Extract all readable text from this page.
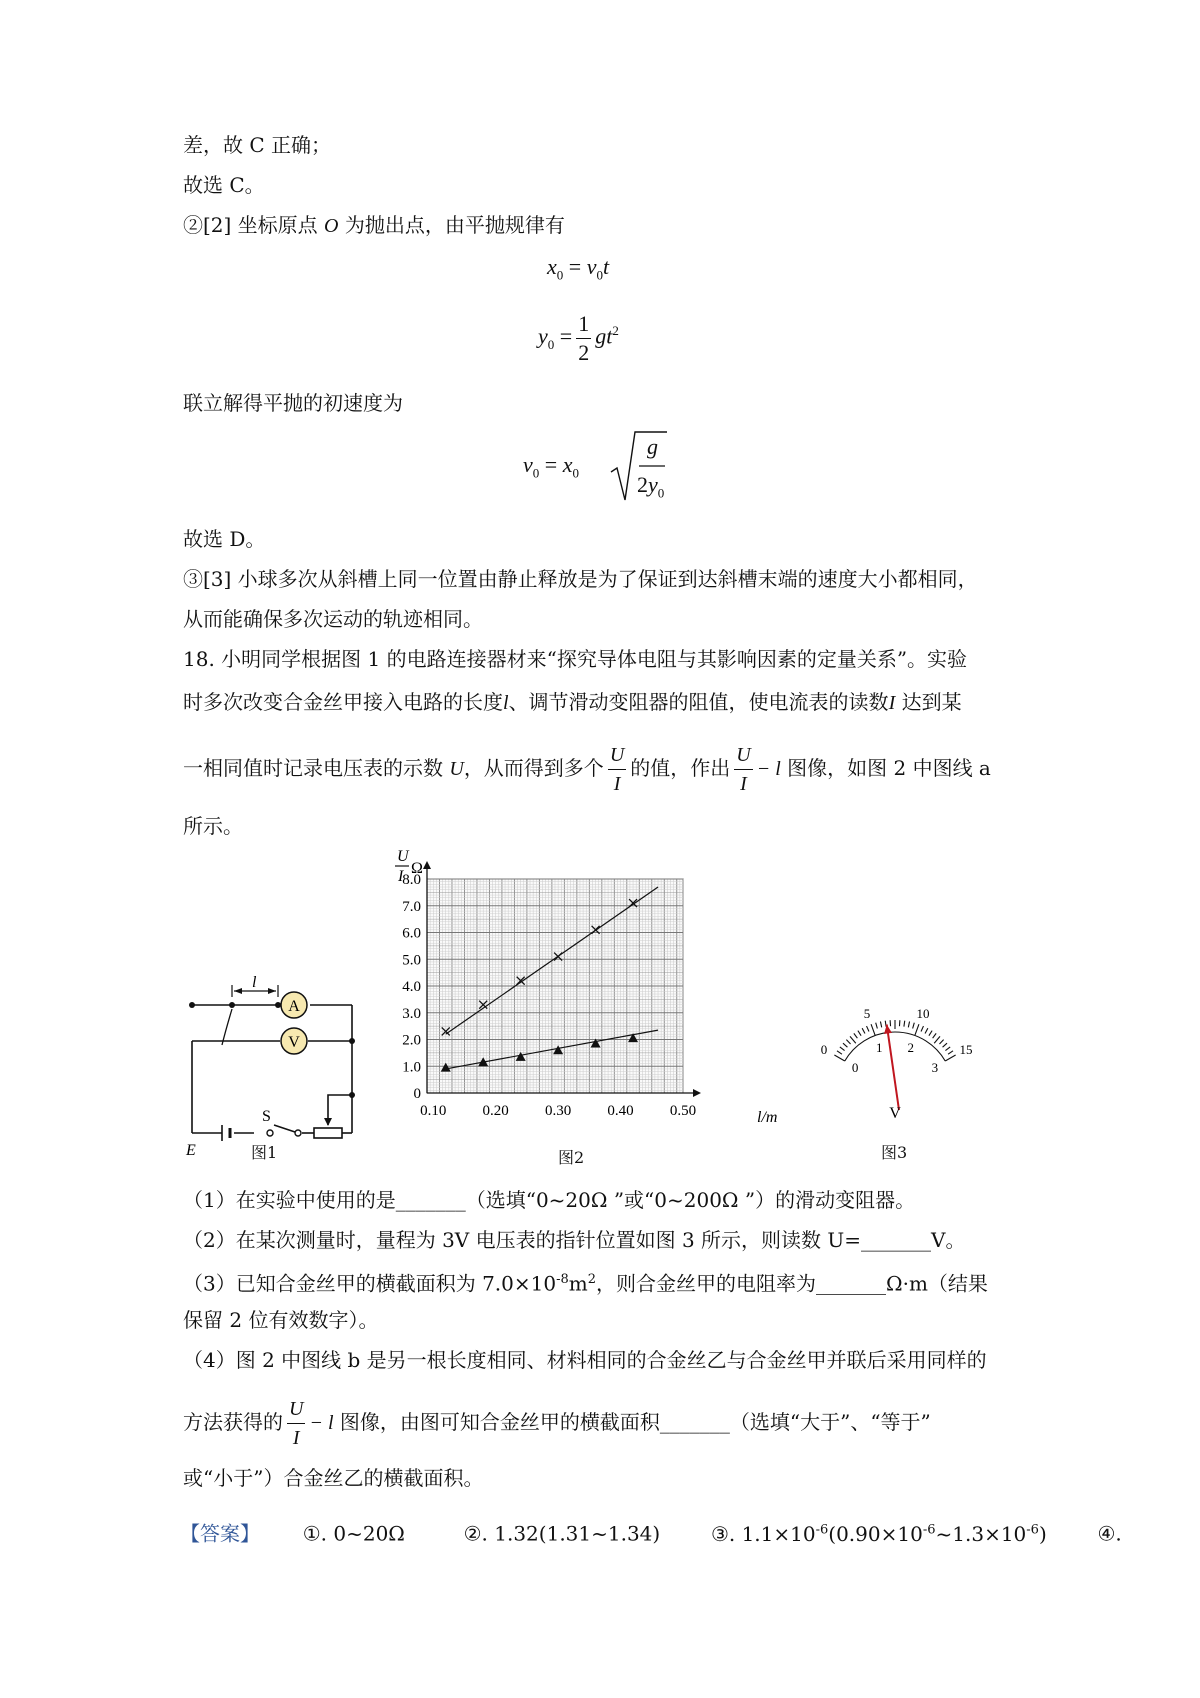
差，故 C 正确；
故选 C。
②[2] 坐标原点 O 为抛出点，由平抛规律有
$x_0 = v_0t$
$y_0 = \frac{1}{2} gt^2$
联立解得平抛的初速度为
$v_0 = x_0$
g
$2y_0$
故选 D。
③[3] 小球多次从斜槽上同一位置由静止释放是为了保证到达斜槽末端的速度大小都相同，
从而能确保多次运动的轨迹相同。
18. 小明同学根据图 1 的电路连接器材来“探究导体电阻与其影响因素的定量关系”。实验
时多次改变合金丝甲接入电路的长度l、调节滑动变阻器的阻值，使电流表的读数I 达到某
一相同值时记录电压表的示数 U，从而得到多个 $\frac{U}{I}$ 的值，作出 $\frac{U}{I} - l$ 图像，如图 2 中图线 a
所示。
A
V
l
E
S
图1
0
1.0
2.0
3.0
4.0
5.0
6.0
7.0
8.0
0.10 0.20 0.30 0.40 0.50
U
I Ω
l/m
图2
0
5	10
15
0
1 2
3
V
图3
（1）在实验中使用的是_______（选填“0~20Ω ”或“0~200Ω ”）的滑动变阻器。
（2）在某次测量时，量程为 3V 电压表的指针位置如图 3 所示，则读数 U=_______V。
（3）已知合金丝甲的横截面积为 $7.0\times 10^{-8}m^2$，则合金丝甲的电阻率为_______Ω·m（结果
保留 2 位有效数字）。
（4）图 2 中图线 b 是另一根长度相同、材料相同的合金丝乙与合金丝甲并联后采用同样的
方法获得的 $\frac{U}{I} - l$ 图像，由图可知合金丝甲的横截面积_______（选填“大于”、“等于”
或“小于”）合金丝乙的横截面积。
【答案】 ①. 0~20Ω	②. 1.32(1.31~1.34)	③. $1.1\times 10^{-6}(0.90\times 10^{-6}\sim 1.3\times 10^{-6})$	④.
